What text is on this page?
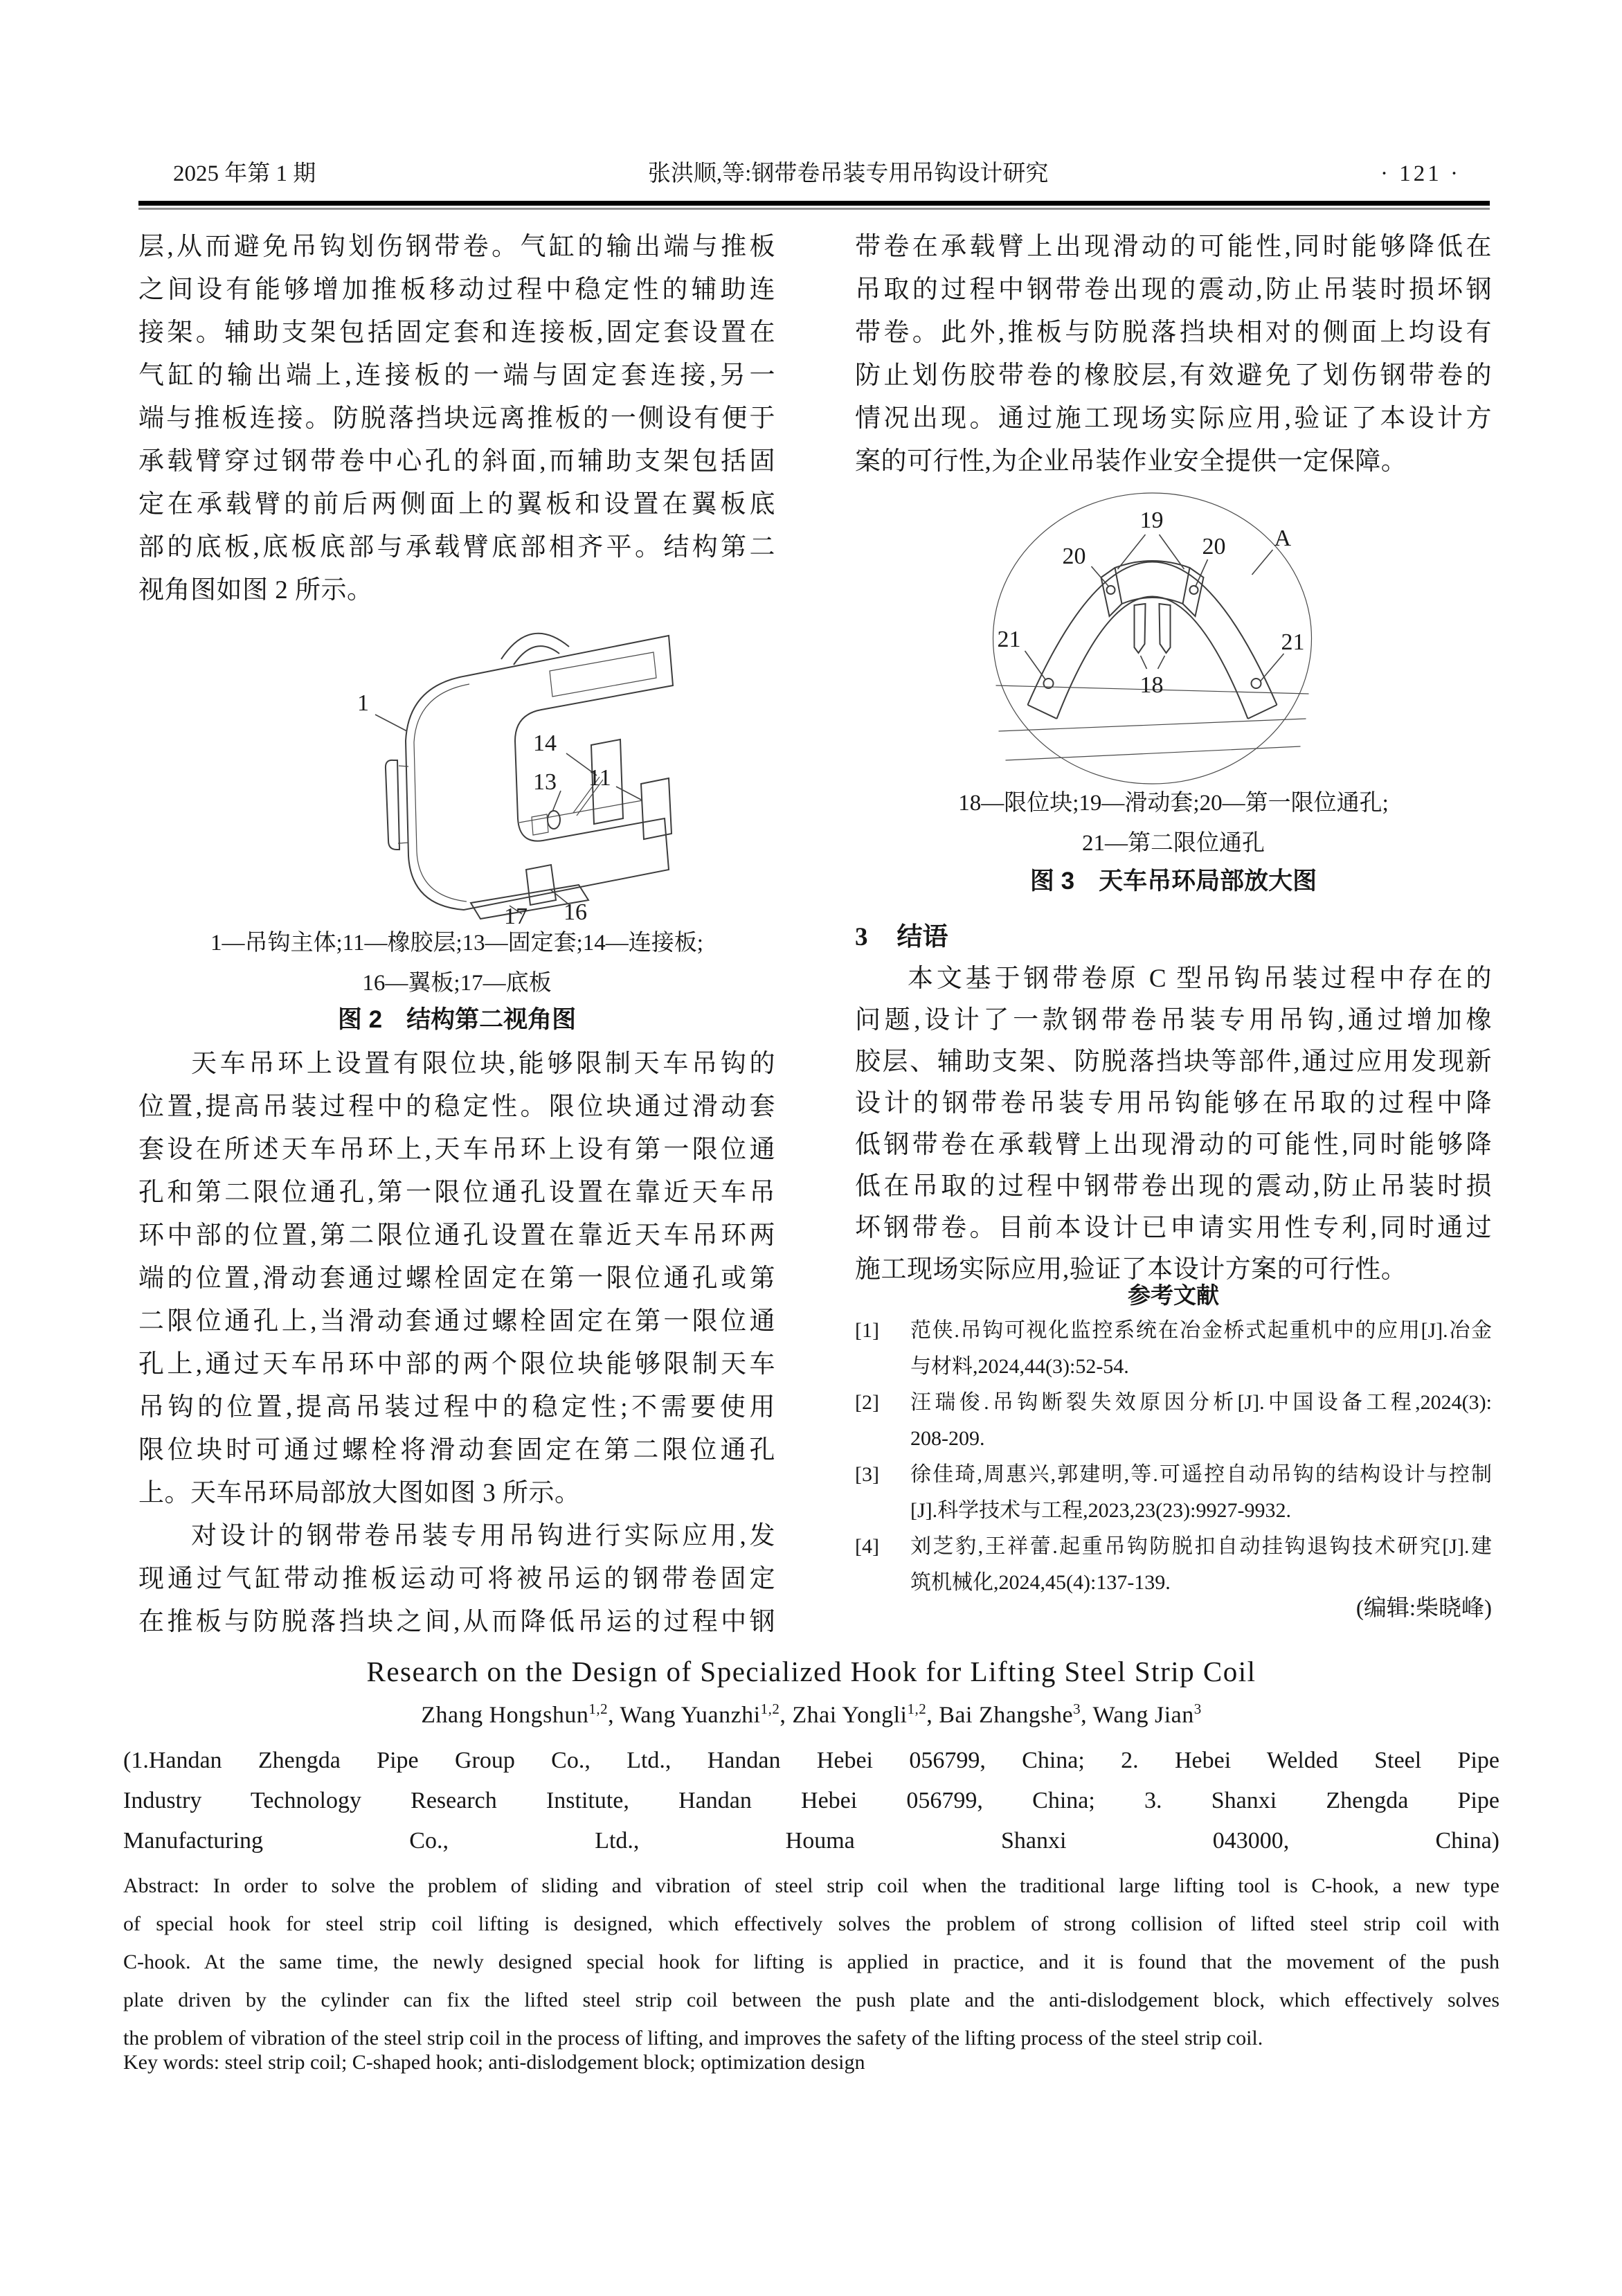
2025 年第 1 期	张洪顺,等:钢带卷吊装专用吊钩设计研究	· 121 ·
层,从而避免吊钩划伤钢带卷。气缸的输出端与推板
之间设有能够增加推板移动过程中稳定性的辅助连
接架。辅助支架包括固定套和连接板,固定套设置在
气缸的输出端上,连接板的一端与固定套连接,另一
端与推板连接。防脱落挡块远离推板的一侧设有便于
承载臂穿过钢带卷中心孔的斜面,而辅助支架包括固
定在承载臂的前后两侧面上的翼板和设置在翼板底
部的底板,底板底部与承载臂底部相齐平。结构第二
视角图如图 2 所示。
1
14
13 11
16
17
1—吊钩主体;11—橡胶层;13—固定套;14—连接板;
16—翼板;17—底板
图 2　结构第二视角图
天车吊环上设置有限位块,能够限制天车吊钩的
位置,提高吊装过程中的稳定性。限位块通过滑动套
套设在所述天车吊环上,天车吊环上设有第一限位通
孔和第二限位通孔,第一限位通孔设置在靠近天车吊
环中部的位置,第二限位通孔设置在靠近天车吊环两
端的位置,滑动套通过螺栓固定在第一限位通孔或第
二限位通孔上,当滑动套通过螺栓固定在第一限位通
孔上,通过天车吊环中部的两个限位块能够限制天车
吊钩的位置,提高吊装过程中的稳定性;不需要使用
限位块时可通过螺栓将滑动套固定在第二限位通孔
上。天车吊环局部放大图如图 3 所示。
对设计的钢带卷吊装专用吊钩进行实际应用,发
现通过气缸带动推板运动可将被吊运的钢带卷固定
在推板与防脱落挡块之间,从而降低吊运的过程中钢
带卷在承载臂上出现滑动的可能性,同时能够降低在
吊取的过程中钢带卷出现的震动,防止吊装时损坏钢
带卷。此外,推板与防脱落挡块相对的侧面上均设有
防止划伤胶带卷的橡胶层,有效避免了划伤钢带卷的
情况出现。通过施工现场实际应用,验证了本设计方
案的可行性,为企业吊装作业安全提供一定保障。
19
A
20	20
18
21	21
18—限位块;19—滑动套;20—第一限位通孔;
21—第二限位通孔
图 3　天车吊环局部放大图
3 结语
本文基于钢带卷原 C 型吊钩吊装过程中存在的
问题,设计了一款钢带卷吊装专用吊钩,通过增加橡
胶层、辅助支架、防脱落挡块等部件,通过应用发现新
设计的钢带卷吊装专用吊钩能够在吊取的过程中降
低钢带卷在承载臂上出现滑动的可能性,同时能够降
低在吊取的过程中钢带卷出现的震动,防止吊装时损
坏钢带卷。目前本设计已申请实用性专利,同时通过
施工现场实际应用,验证了本设计方案的可行性。
参考文献
[1]	范侠.吊钩可视化监控系统在冶金桥式起重机中的应用[J].冶金
与材料,2024,44(3):52-54.
[2]	汪瑞俊.吊钩断裂失效原因分析[J].中国设备工程,2024(3):
208-209.
[3]	徐佳琦,周惠兴,郭建明,等.可遥控自动吊钩的结构设计与控制
[J].科学技术与工程,2023,23(23):9927-9932.
[4]	刘芝豹,王祥蕾.起重吊钩防脱扣自动挂钩退钩技术研究[J].建
筑机械化,2024,45(4):137-139.
(编辑:柴晓峰)
Research on the Design of Specialized Hook for Lifting Steel Strip Coil
Zhang Hongshun$^{1,2}$, Wang Yuanzhi$^{1,2}$, Zhai Yongli$^{1,2}$, Bai Zhangshe$^3$, Wang Jian$^3$
(1.Handan Zhengda Pipe Group Co., Ltd., Handan Hebei 056799, China; 2. Hebei Welded Steel Pipe
Industry Technology Research Institute, Handan Hebei 056799, China; 3. Shanxi Zhengda Pipe
Manufacturing Co., Ltd., Houma Shanxi 043000, China)
Abstract: In order to solve the problem of sliding and vibration of steel strip coil when the traditional large lifting tool is C-hook, a new type
of special hook for steel strip coil lifting is designed, which effectively solves the problem of strong collision of lifted steel strip coil with
C-hook. At the same time, the newly designed special hook for lifting is applied in practice, and it is found that the movement of the push
plate driven by the cylinder can fix the lifted steel strip coil between the push plate and the anti-dislodgement block, which effectively solves
the problem of vibration of the steel strip coil in the process of lifting, and improves the safety of the lifting process of the steel strip coil.
Key words: steel strip coil; C-shaped hook; anti-dislodgement block; optimization design
